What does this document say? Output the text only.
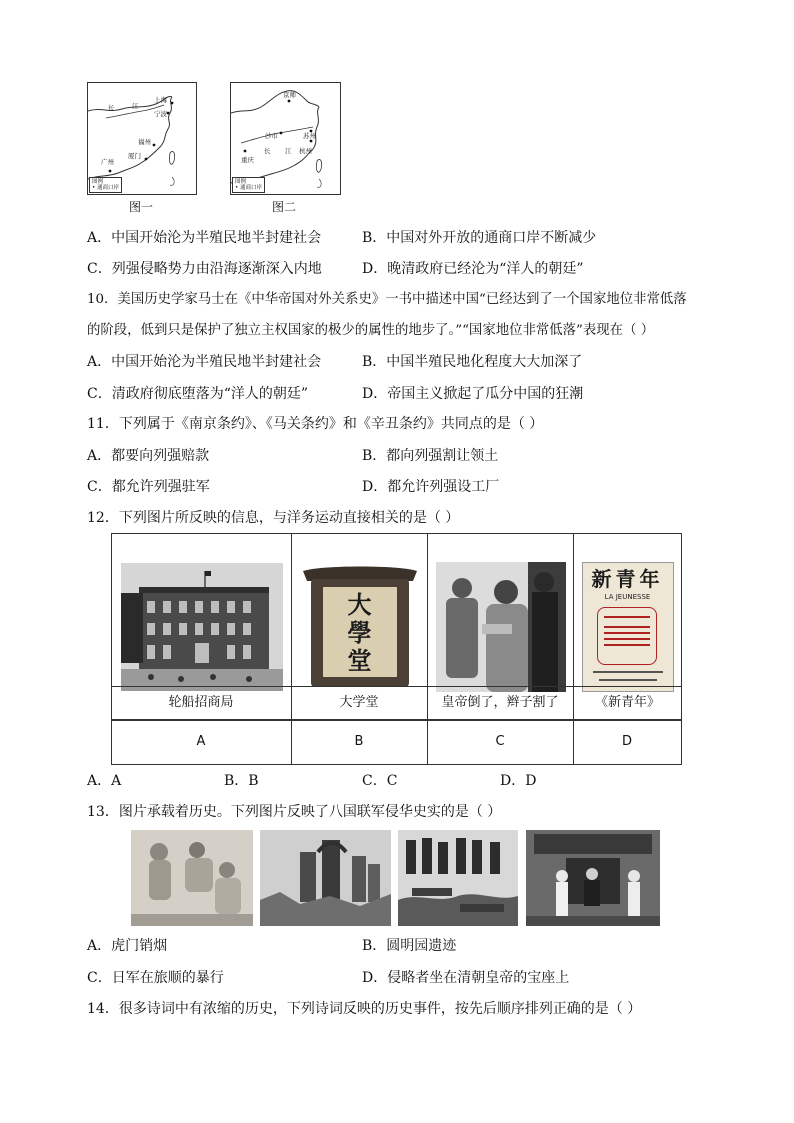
长	江
上海
宁波
福州
厦门
广州
图例
• 通商口岸
图一
京师
沙市	苏州
长 江 杭州
重庆
图例
• 通商口岸
图二
A．中国开始沦为半殖民地半封建社会	B．中国对外开放的通商口岸不断减少
C．列强侵略势力由沿海逐渐深入内地	D．晚清政府已经沦为“洋人的朝廷”
10．美国历史学家马士在《中华帝国对外关系史》一书中描述中国“已经达到了一个国家地位非常低落
的阶段，低到只是保护了独立主权国家的极少的属性的地步了。”“国家地位非常低落”表现在（ ）
A．中国开始沦为半殖民地半封建社会	B．中国半殖民地化程度大大加深了
C．清政府彻底堕落为“洋人的朝廷”	D．帝国主义掀起了瓜分中国的狂潮
11．下列属于《南京条约》、《马关条约》和《辛丑条约》共同点的是（ ）
A．都要向列强赔款	B．都向列强割让领土
C．都允许列强驻军	D．都允许列强设工厂
12．下列图片所反映的信息，与洋务运动直接相关的是（ ）

大學堂

新青年
LA JEUNESSE

轮船招商局	大学堂	皇帝倒了，辫子割了	《新青年》
A	B	C	D
A．A	B．B	C．C	D．D
13．图片承载着历史。下列图片反映了八国联军侵华史实的是（ ）
A．虎门销烟	B．圆明园遗迹
C．日军在旅顺的暴行	D．侵略者坐在清朝皇帝的宝座上
14．很多诗词中有浓缩的历史，下列诗词反映的历史事件，按先后顺序排列正确的是（ ）
